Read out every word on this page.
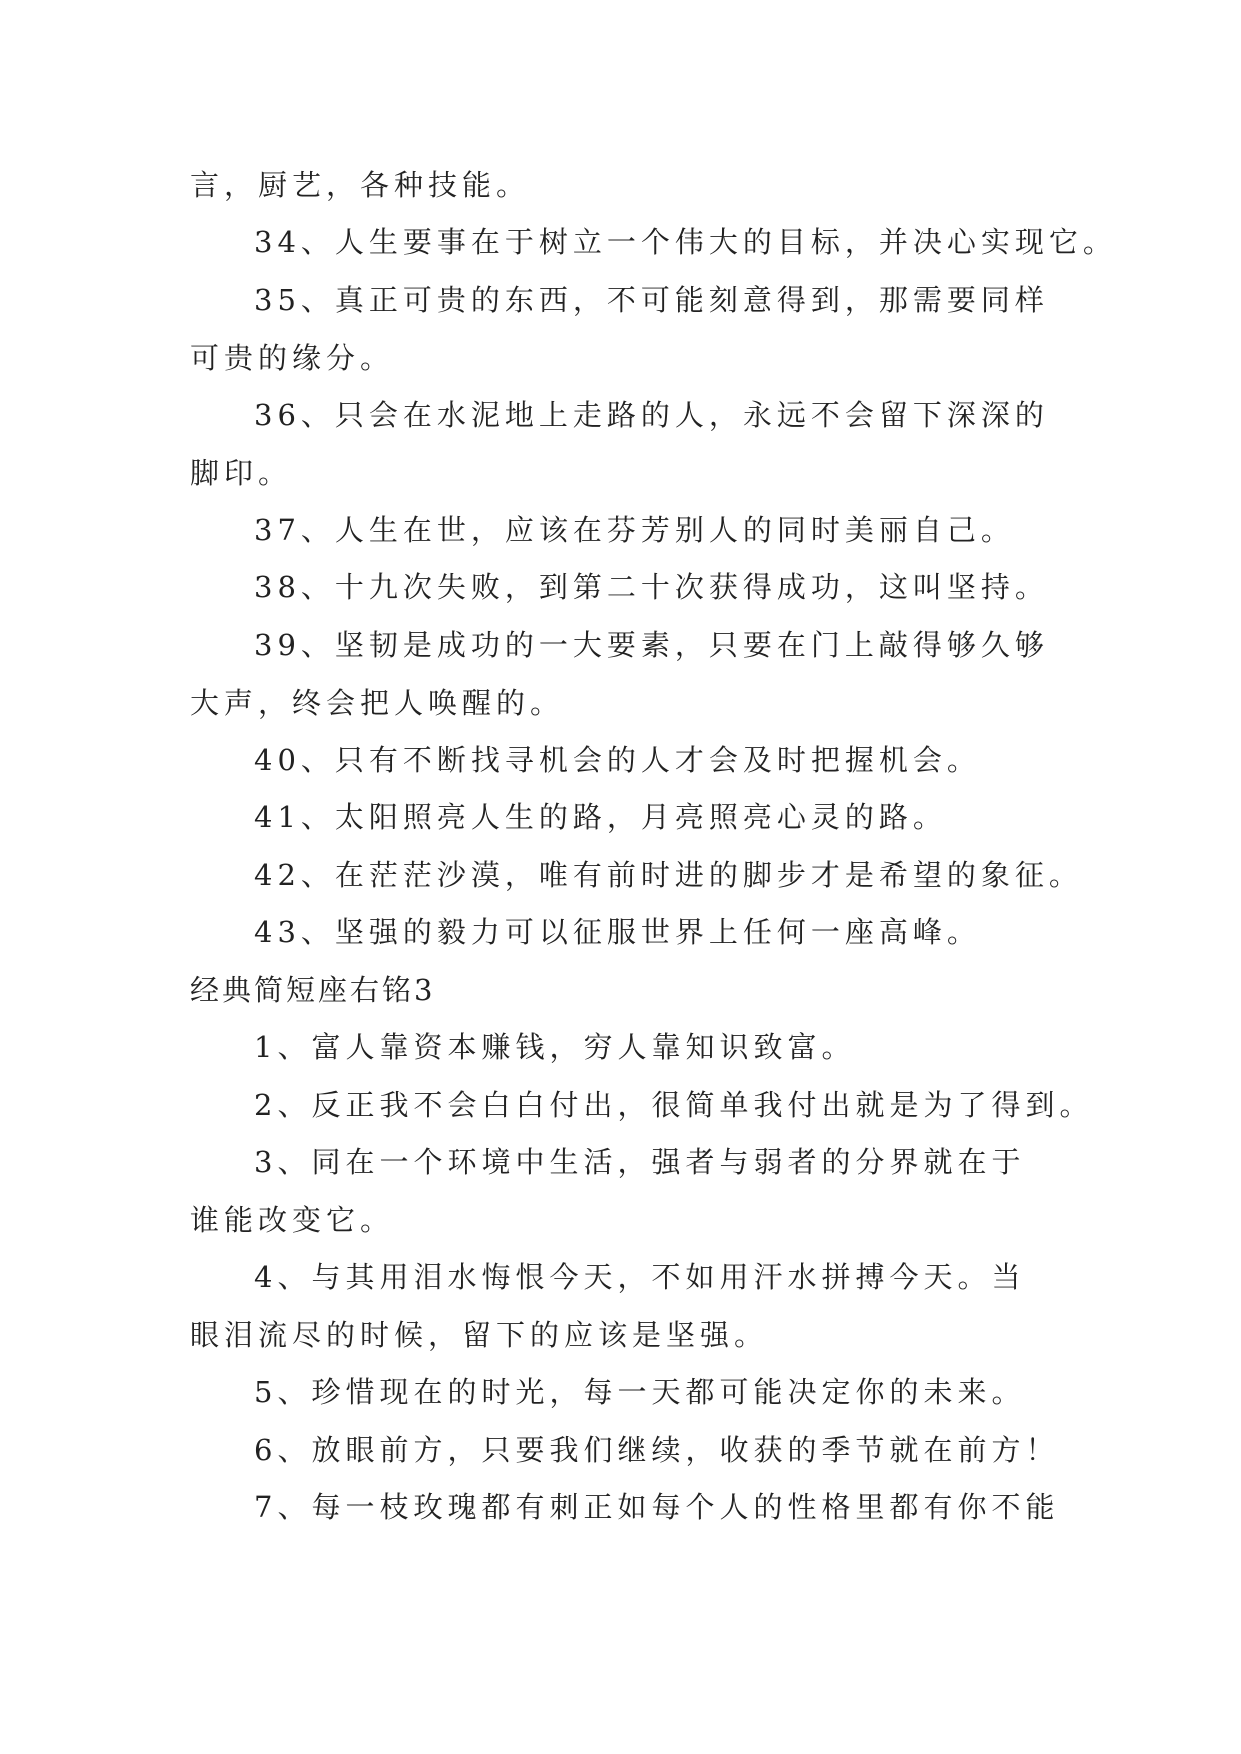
言，厨艺，各种技能。

34、人生要事在于树立一个伟大的目标，并决心实现它。

35、真正可贵的东西，不可能刻意得到，那需要同样可贵的缘分。

36、只会在水泥地上走路的人，永远不会留下深深的脚印。

37、人生在世，应该在芬芳别人的同时美丽自己。

38、十九次失败，到第二十次获得成功，这叫坚持。

39、坚韧是成功的一大要素，只要在门上敲得够久够大声，终会把人唤醒的。

40、只有不断找寻机会的人才会及时把握机会。

41、太阳照亮人生的路，月亮照亮心灵的路。

42、在茫茫沙漠，唯有前时进的脚步才是希望的象征。

43、坚强的毅力可以征服世界上任何一座高峰。

经典简短座右铭3

1、富人靠资本赚钱，穷人靠知识致富。

2、反正我不会白白付出，很简单我付出就是为了得到。

3、同在一个环境中生活，强者与弱者的分界就在于谁能改变它。

4、与其用泪水悔恨今天，不如用汗水拼搏今天。当眼泪流尽的时候，留下的应该是坚强。

5、珍惜现在的时光，每一天都可能决定你的未来。

6、放眼前方，只要我们继续，收获的季节就在前方！

7、每一枝玫瑰都有刺正如每个人的性格里都有你不能
